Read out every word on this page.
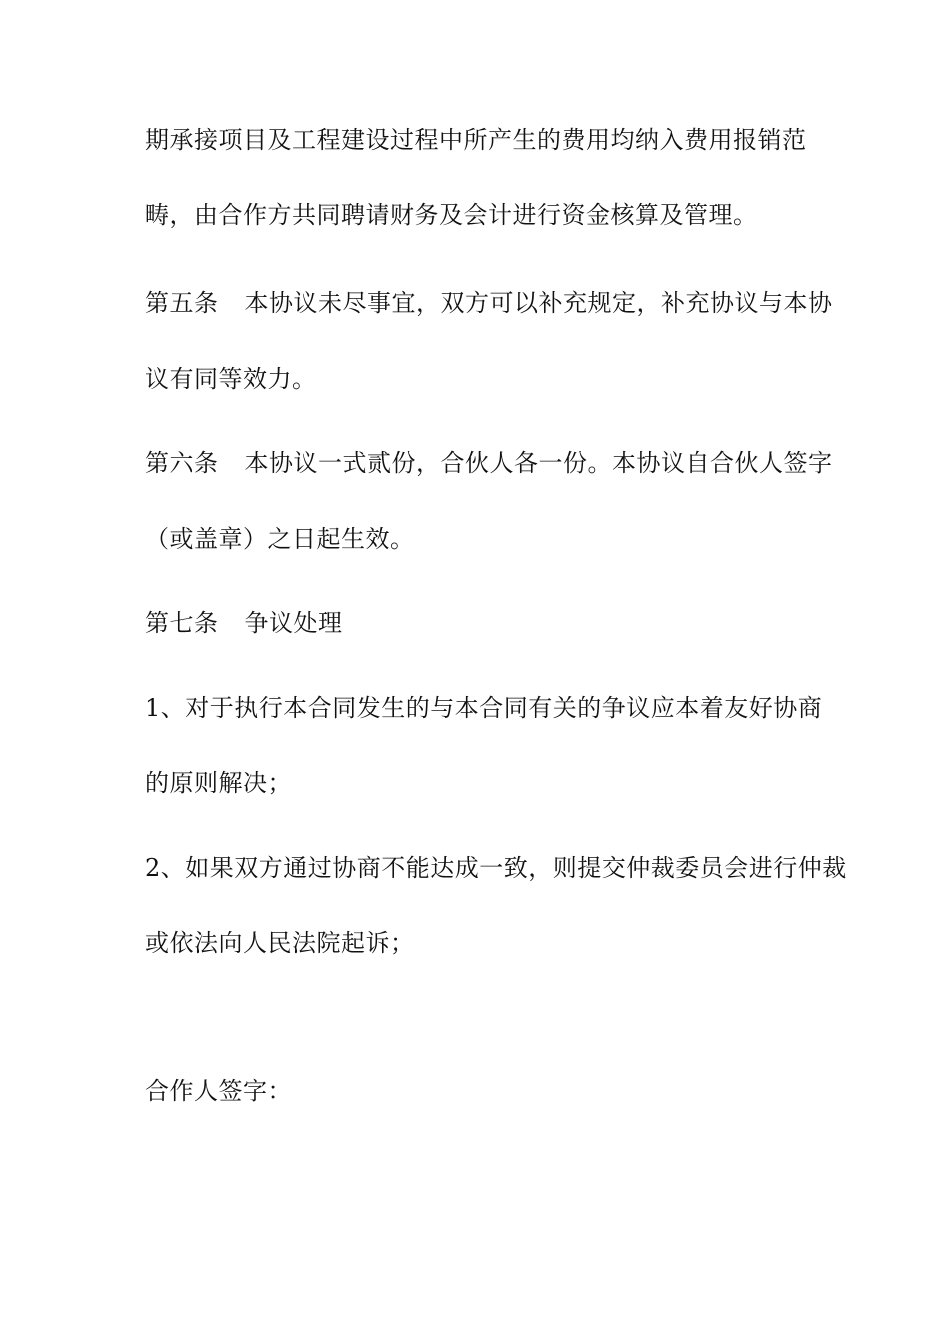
期承接项目及工程建设过程中所产生的费用均纳入费用报销范
畴，由合作方共同聘请财务及会计进行资金核算及管理。
第五条 本协议未尽事宜，双方可以补充规定，补充协议与本协
议有同等效力。
第六条 本协议一式贰份，合伙人各一份。本协议自合伙人签字
（或盖章）之日起生效。
第七条 争议处理
1、对于执行本合同发生的与本合同有关的争议应本着友好协商
的原则解决；
2、如果双方通过协商不能达成一致，则提交仲裁委员会进行仲裁
或依法向人民法院起诉；
合作人签字：
